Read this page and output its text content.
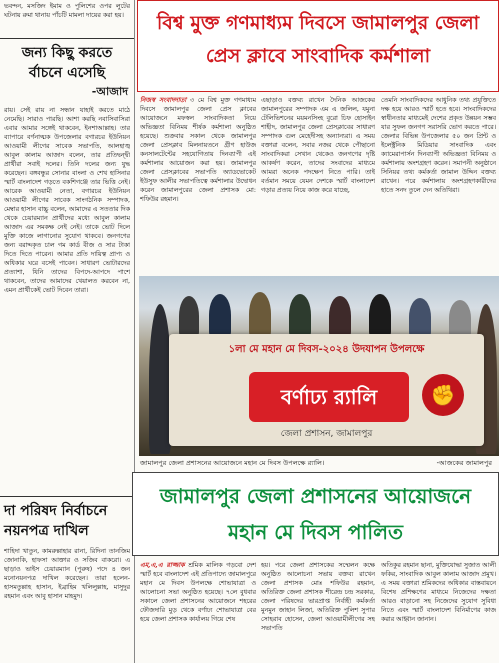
ভবন্দন, মসজিদ ইমাম ও পুলিশের ওপর লুটের ঘটনায় রুমা থানায় পাঁচটি মামলা দায়ের করা হয়।
জন্য কিছু করতে
র্বাচনে এসেছি
-আজাদ
রায়। সেই রায় না সন্ধান যাহাই করতে মাঠে নেমেছি। সারাও পারছি। আশা করছি নবাসিবাসিরা এবার আমার সঙ্গেই থাকবেন, ইনশাআল্লাহ। তার ব্যাপারে বর্ণনাত্মক উপজেলার বগারচর ইউনিয়ন আওয়ামী লীগের সাবেক সভাপতি, আলহাজ্ব আবুল কালাম আজাদ বলেন, তার প্রতিদ্বন্দ্বী প্রার্থীরা সবাই দলের। তিনি দলের জন্য যুদ্ধ করেছেন। বঙ্গবন্ধুর সোনার বাংলা ও শেখ হাসিনার স্মার্ট বাংলাদেশ গড়তে বকশিগঞ্জে তার ভিত্তি নেই। আরেক আওয়ামী নেতা, বগারচর ইউনিয়ন আওয়ামী লীগের সাবেক সাংগঠনিক সম্পাদক, মেম্বার হাসান বাচ্চু বলেন, আমাদের এ সততার দিক থেকে চেয়ারম্যান প্রার্থীদের মধ্যে আবুল কালাম আজাদ এর সমকক্ষ নেই নেই। তাকে ভোট দিলে মুক্তি কাজে লাগানোর সুযোগ থাকবে। জনগণের জন্য বরাদ্দকৃত চাল গম কার্ড বীজ ও সার টাকা দিতে দিতে পারেন। আমার প্রতি দায়িত্ব প্রাপ্য ও অধিকার ঘরে বসেই পাবেন। সাধারণ ভোটারদের প্রত্যাশা, যিনি তাদের বিপদে-আপদে পাশে থাকবেন, তাদের আমাদের খেয়ালত করবেন না, এমন প্রার্থীকেই ভোট দিবেন তারা।
দা পরিষদ নির্বাচনে
নয়নপত্র দাখিল
শাহিদা খাতুন, কামরুল্লাহার রানা, রিদিনা তানজিম জোনাকি, হাফসা আক্তার ও সজিব বাকরো। এ ছাড়াও ভাইস চেয়ারম্যান (পুরুষ) পদে ৪ জন মনোনয়নপত্র দাখিল করেছেন। তারা হলেন- হাসমতুল্লাহ হাসান, ইব্রাহিম খলিলুল্লাহ, মাসুদুর রহমান এবং আবু হাসান মাহমুদ।
বিশ্ব মুক্ত গণমাধ্যম দিবসে জামালপুর জেলা
প্রেস ক্লাবে সাংবাদিক কর্মশালা
নিজস্ব সংবাদদাতা ৩ মে বিশ্ব মুক্ত গণমাধ্যম দিবসে জামালপুর জেলা প্রেস ক্লাবের আয়োজনে মফস্বল সাংবাদিকতা নিয়ে অভিজ্ঞতা বিনিময় শীর্ষক কর্মশালা অনুষ্ঠিত হয়েছে। শুক্রবার সকাল থেকে জামালপুর জেলা প্রেসক্লাব মিলনায়তনে গ্রীণ হাউজ কনসালটেন্টের সহযোগিতায় দিনব্যাপী এই কর্মশালার আয়োজন করা হয়। জামালপুর জেলা প্রেসক্লাবের সভাপতি অ্যাডভোকেট ইউসুফ আলীর সভাপতিত্বে কর্মশালার উদ্বোধন করেন জামালপুরের জেলা প্রশাসক মো: শফিউর রহমান।
এছাড়াও বক্তব্য রাখেন দৈনিক আজকের জামালপুরের সম্পাদক এম এ জলিল, যমুনা টেলিভিশনের ময়মনসিংহ বুরো চিফ হোসাইন শাহীদ, জামালপুর জেলা প্রেসক্লাবের সাধারণ সম্পাদক গুল মেহেদীসহ অন্যান্যরা। এ সময় বক্তারা বলেন, সবার নজর থেকে পৌছানো সাংবাদিকরা সেখান থেকেও জনগণের দৃষ্টি আকর্ষণ করেন, তাদের সংবাদের মাধ্যমে আমরা অনেক পদক্ষেপ নিতে পারি। তাই বর্তমান সময়ে যেমন দেশকে স্মার্ট বাংলাদেশ গড়ার প্রত্যয় নিয়ে কাজ করে যাচ্ছে,
তেমনি সাংবাদিকদের আধুনিক তথ্য প্রযুক্তিতে দক্ষ হয়ে আরও স্মার্ট হতে হবে। সাংবাদিকদের স্বাধীনতার মাধ্যমেই দেশের প্রকৃত উন্নয়ন সম্ভব যার সুফল জনগণ সরাসরি ভোগ করতে পারে। জেলার বিভিন্ন উপজেলার ৫০ জন প্রিন্ট ও ইলেক্ট্রনিক মিডিয়ার সাংবাদিক এবং ক্যামেরাপার্সন দিনব্যাপী অভিজ্ঞতা বিনিময় ও কর্মশালায় অংশগ্রহণ করেন। সমাপনী অনুষ্ঠানে সিনিয়র তথ্য কর্মকর্তা জামাল উদ্দিন বক্তব্য রাখেন। পরে কর্মশালায় অংশগ্রহণকারীদের হাতে সনদ তুলে দেন অতিথিরা।
১লা মে মহান মে দিবস-২০২৪ উদযাপন উপলক্ষে
বর্ণাঢ্য র‍্যালি	✊
জেলা প্রশাসন, জামালপুর
জামালপুর জেলা প্রশাসনের আয়োজনে মহান মে দিবস উপলক্ষে র‍্যালি।	-আজকের জামালপুর
জামালপুর জেলা প্রশাসনের আয়োজনে
মহান মে দিবস পালিত
এম,এ,এ রাজ্জাক শ্রমিক মালিক গড়বো দেশ স্মার্ট হবে বাংলাদেশ এই প্রতিপাদ্যে জামালপুরে মহান মে দিবস উপলক্ষে শোভাযাত্রা ও আলোচনা সভা অনুষ্ঠিত হয়েছে। ৭লে বুধবার সকালে জেলা প্রশাসনের আয়োজনে শহরের ফৌজদারি মুড় থেকে বর্ণাঢ্য শোভাযাত্রা বের হয়ে জেলা প্রশাসক কার্যালয় গিয়ে শেষ
হয়। পরে জেলা প্রশাসকের সম্মেলন কক্ষে অনুষ্ঠিত আলোচনা সভায় বক্তব্য রাখেন জেলা প্রশাসক মোঃ শফিউর রহমান, অতিরিক্ত জেলা প্রশাসক শীরেন্দ্র চন্দ্র সরকার, জেলা পরিষদের ভারপ্রাপ্ত নির্বাহী কর্মকর্তা মুনমুন জাহান লিজা, অতিরিক্ত পুলিশ সুপার সোহরাব হোসেন, জেলা আওয়ামীলীগের সহ সভাপতি
অতিকুর রহমান ছানা, মুক্তিযোদ্ধা সুজাত আলী ফকির, সাংবাদিক আবুল কালাম আজাদ প্রমুখ। এ সময় বক্তারা শ্রমিকদের অধিকার বাস্তবায়নে বিশেষ প্রশিক্ষণের মাধ্যমে নিজেদের দক্ষতা আরও বাড়ানো সহ নিজেদের সুযোগ সুবিধা নিতে এবং স্মার্ট বাংলাদেশ বিনির্মাণের কাজ করার আহ্বান জানান।
